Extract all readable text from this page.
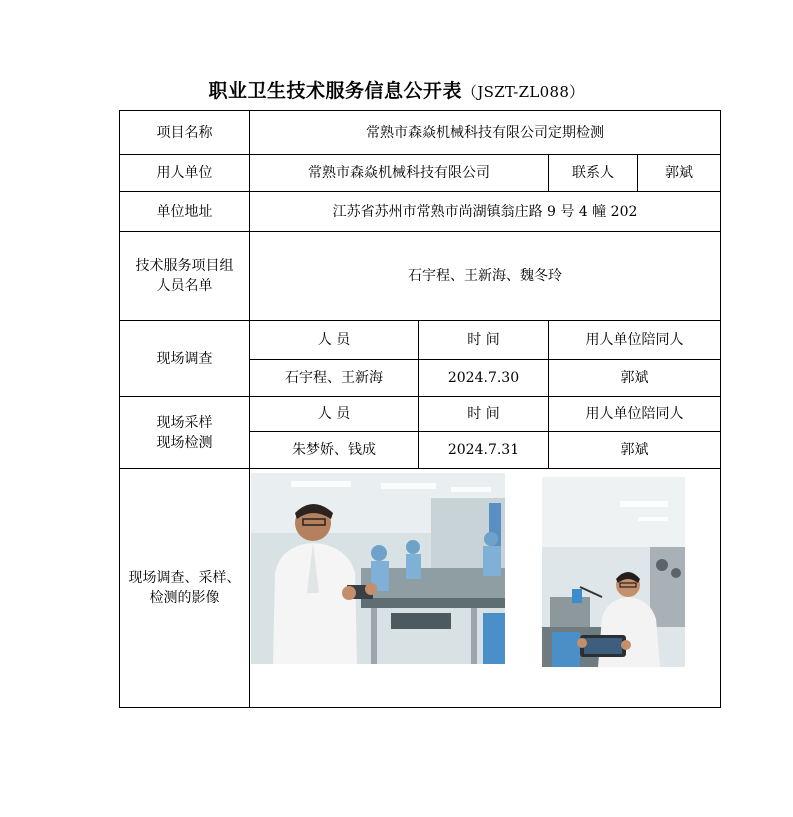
职业卫生技术服务信息公开表（JSZT-ZL088）
项目名称	常熟市森焱机械科技有限公司定期检测			
用人单位	常熟市森焱机械科技有限公司		联系人	郭斌
单位地址	江苏省苏州市常熟市尚湖镇翁庄路 9 号 4 幢 202			

技术服务项目组
人员名单	石宇程、王新海、魏冬玲			
现场调查	人 员	时 间	用人单位陪同人	
	石宇程、王新海	2024.7.30	郭斌	

现场采样
现场检测	人 员	时 间	用人单位陪同人	
	朱梦娇、钱成	2024.7.31	郭斌	

现场调查、采样、
检测的影像				
